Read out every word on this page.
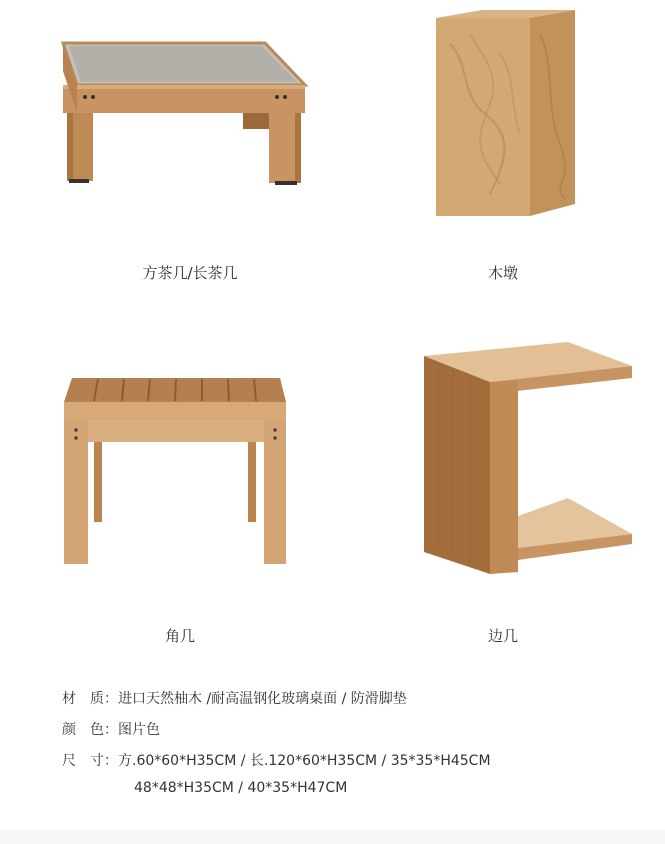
方茶几/长茶几	木墩
角几	边几
材　质：进口天然柚木 /耐高温钢化玻璃桌面 / 防滑脚垫
颜　色：图片色
尺　寸：方.60*60*H35CM / 长.120*60*H35CM / 35*35*H45CM
48*48*H35CM / 40*35*H47CM
